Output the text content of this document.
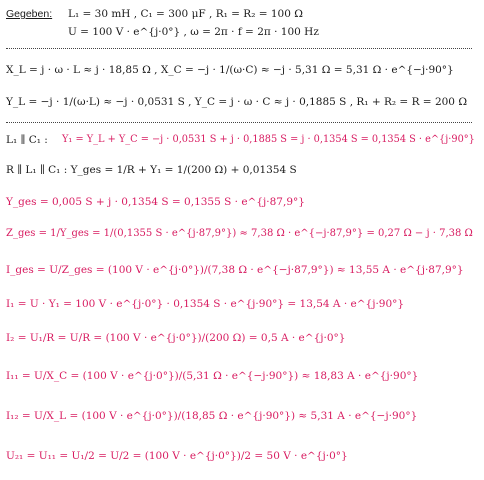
Gegeben: L₁ = 30 mH , C₁ = 300 μF , R₁ = R₂ = 100 Ω
U = 100 V · e^{j·0°} , ω = 2π · f = 2π · 100 Hz
X_L = j · ω · L ≈ j · 18,85 Ω , X_C = −j · 1/(ω·C) ≈ −j · 5,31 Ω = 5,31 Ω · e^{−j·90°}
Y_L = −j · 1/(ω·L) ≈ −j · 0,0531 S , Y_C = j · ω · C ≈ j · 0,1885 S , R₁ + R₂ = R = 200 Ω
L₁ ∥ C₁ : Y₁ = Y_L + Y_C = −j · 0,0531 S + j · 0,1885 S = j · 0,1354 S = 0,1354 S · e^{j·90°}
R ∥ L₁ ∥ C₁ : Y_ges = 1/R + Y₁ = 1/(200 Ω) + 0,01354 S
Y_ges = 0,005 S + j · 0,1354 S = 0,1355 S · e^{j·87,9°}
Z_ges = 1/Y_ges = 1/(0,1355 S · e^{j·87,9°}) ≈ 7,38 Ω · e^{−j·87,9°} = 0,27 Ω − j · 7,38 Ω
I_ges = U/Z_ges = (100 V · e^{j·0°})/(7,38 Ω · e^{−j·87,9°}) ≈ 13,55 A · e^{j·87,9°}
I₁ = U · Y₁ = 100 V · e^{j·0°} · 0,1354 S · e^{j·90°} = 13,54 A · e^{j·90°}
I₂ = U₁/R = U/R = (100 V · e^{j·0°})/(200 Ω) = 0,5 A · e^{j·0°}
I₁₁ = U/X_C = (100 V · e^{j·0°})/(5,31 Ω · e^{−j·90°}) ≈ 18,83 A · e^{j·90°}
I₁₂ = U/X_L = (100 V · e^{j·0°})/(18,85 Ω · e^{j·90°}) ≈ 5,31 A · e^{−j·90°}
U₂₁ = U₁₁ = U₁/2 = U/2 = (100 V · e^{j·0°})/2 = 50 V · e^{j·0°}
